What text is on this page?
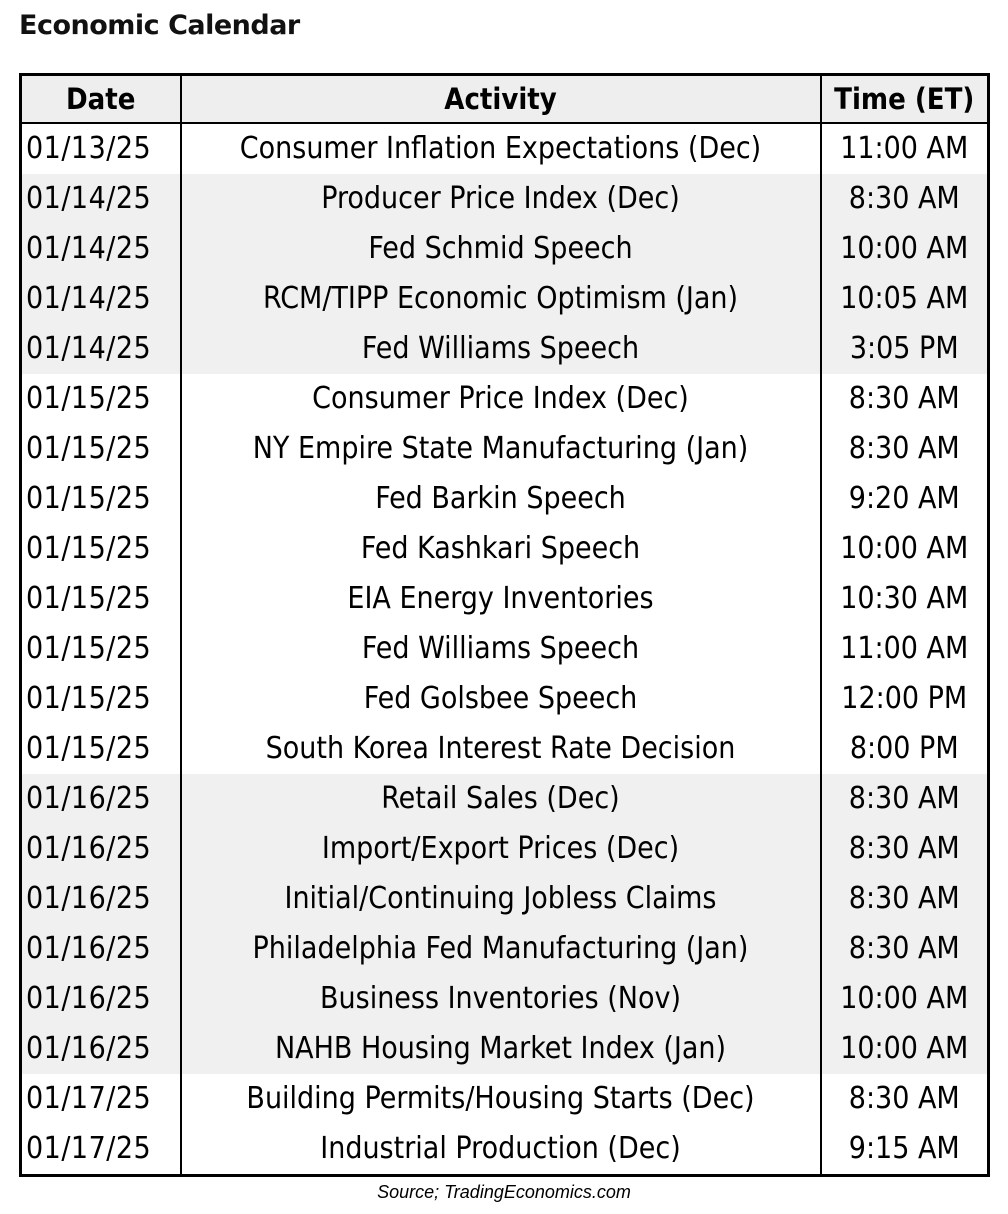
Economic Calendar
Date	Activity	Time (ET)
01/13/25	Consumer Inflation Expectations (Dec)	11:00 AM
01/14/25	Producer Price Index (Dec)	8:30 AM
01/14/25	Fed Schmid Speech	10:00 AM
01/14/25	RCM/TIPP Economic Optimism (Jan)	10:05 AM
01/14/25	Fed Williams Speech	3:05 PM
01/15/25	Consumer Price Index (Dec)	8:30 AM
01/15/25	NY Empire State Manufacturing (Jan)	8:30 AM
01/15/25	Fed Barkin Speech	9:20 AM
01/15/25	Fed Kashkari Speech	10:00 AM
01/15/25	EIA Energy Inventories	10:30 AM
01/15/25	Fed Williams Speech	11:00 AM
01/15/25	Fed Golsbee Speech	12:00 PM
01/15/25	South Korea Interest Rate Decision	8:00 PM
01/16/25	Retail Sales (Dec)	8:30 AM
01/16/25	Import/Export Prices (Dec)	8:30 AM
01/16/25	Initial/Continuing Jobless Claims	8:30 AM
01/16/25	Philadelphia Fed Manufacturing (Jan)	8:30 AM
01/16/25	Business Inventories (Nov)	10:00 AM
01/16/25	NAHB Housing Market Index (Jan)	10:00 AM
01/17/25	Building Permits/Housing Starts (Dec)	8:30 AM
01/17/25	Industrial Production (Dec)	9:15 AM
Source; TradingEconomics.com
